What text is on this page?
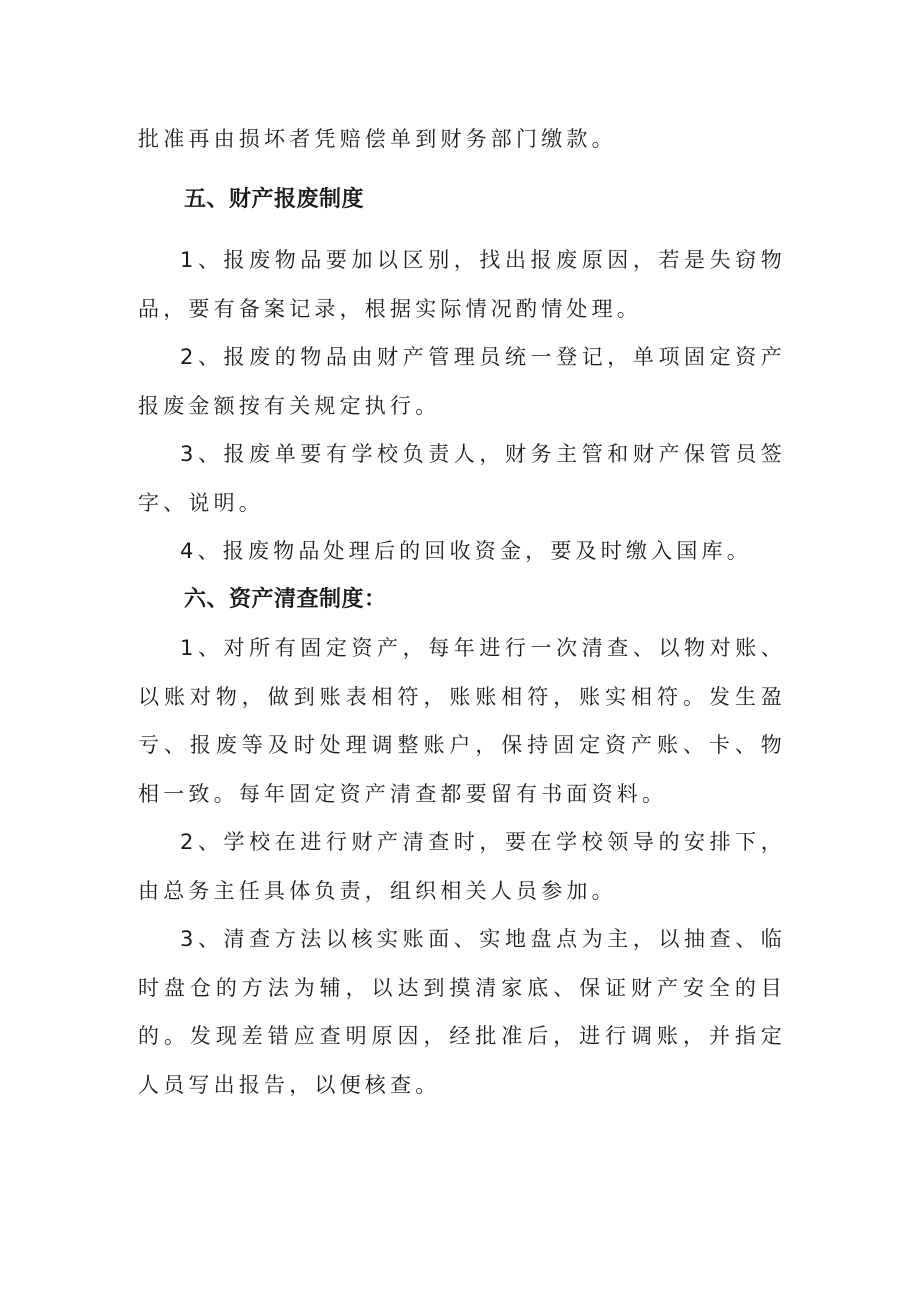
批准再由损坏者凭赔偿单到财务部门缴款。

五、财产报废制度

1、报废物品要加以区别，找出报废原因，若是失窃物品，要有备案记录，根据实际情况酌情处理。

2、报废的物品由财产管理员统一登记，单项固定资产报废金额按有关规定执行。

3、报废单要有学校负责人，财务主管和财产保管员签字、说明。

4、报废物品处理后的回收资金，要及时缴入国库。

六、资产清查制度：

1、对所有固定资产，每年进行一次清查、以物对账、以账对物，做到账表相符，账账相符，账实相符。发生盈亏、报废等及时处理调整账户，保持固定资产账、卡、物相一致。每年固定资产清查都要留有书面资料。

2、学校在进行财产清查时，要在学校领导的安排下，由总务主任具体负责，组织相关人员参加。

3、清查方法以核实账面、实地盘点为主，以抽查、临时盘仓的方法为辅，以达到摸清家底、保证财产安全的目的。发现差错应查明原因，经批准后，进行调账，并指定人员写出报告，以便核查。
